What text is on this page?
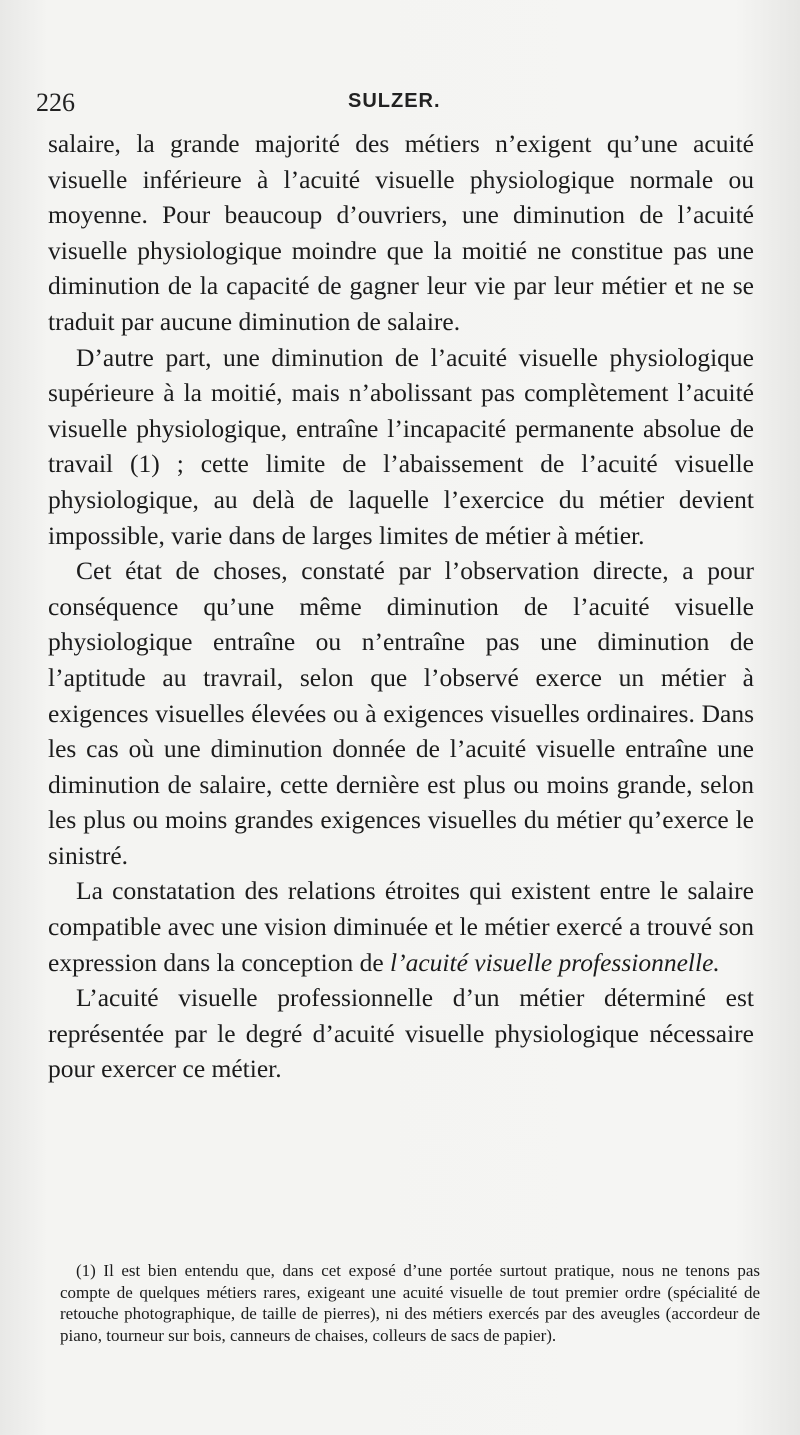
226	SULZER.

salaire, la grande majorité des métiers n’exigent qu’une acuité visuelle inférieure à l’acuité visuelle physiologique normale ou moyenne. Pour beaucoup d’ouvriers, une diminution de l’acuité visuelle physiologique moindre que la moitié ne constitue pas une diminution de la capacité de gagner leur vie par leur métier et ne se traduit par aucune diminution de salaire.

D’autre part, une diminution de l’acuité visuelle physiologique supérieure à la moitié, mais n’abolissant pas complètement l’acuité visuelle physiologique, entraîne l’incapacité permanente absolue de travail (1) ; cette limite de l’abaissement de l’acuité visuelle physiologique, au delà de laquelle l’exercice du métier devient impossible, varie dans de larges limites de métier à métier.

Cet état de choses, constaté par l’observation directe, a pour conséquence qu’une même diminution de l’acuité visuelle physiologique entraîne ou n’entraîne pas une diminution de l’aptitude au travrail, selon que l’observé exerce un métier à exigences visuelles élevées ou à exigences visuelles ordinaires. Dans les cas où une diminution donnée de l’acuité visuelle entraîne une diminution de salaire, cette dernière est plus ou moins grande, selon les plus ou moins grandes exigences visuelles du métier qu’exerce le sinistré.

La constatation des relations étroites qui existent entre le salaire compatible avec une vision diminuée et le métier exercé a trouvé son expression dans la conception de l’acuité visuelle professionnelle.

L’acuité visuelle professionnelle d’un métier déterminé est représentée par le degré d’acuité visuelle physiologique nécessaire pour exercer ce métier.

(1) Il est bien entendu que, dans cet exposé d’une portée surtout pratique, nous ne tenons pas compte de quelques métiers rares, exigeant une acuité visuelle de tout premier ordre (spécialité de retouche photographique, de taille de pierres), ni des métiers exercés par des aveugles (accordeur de piano, tourneur sur bois, canneurs de chaises, colleurs de sacs de papier).
